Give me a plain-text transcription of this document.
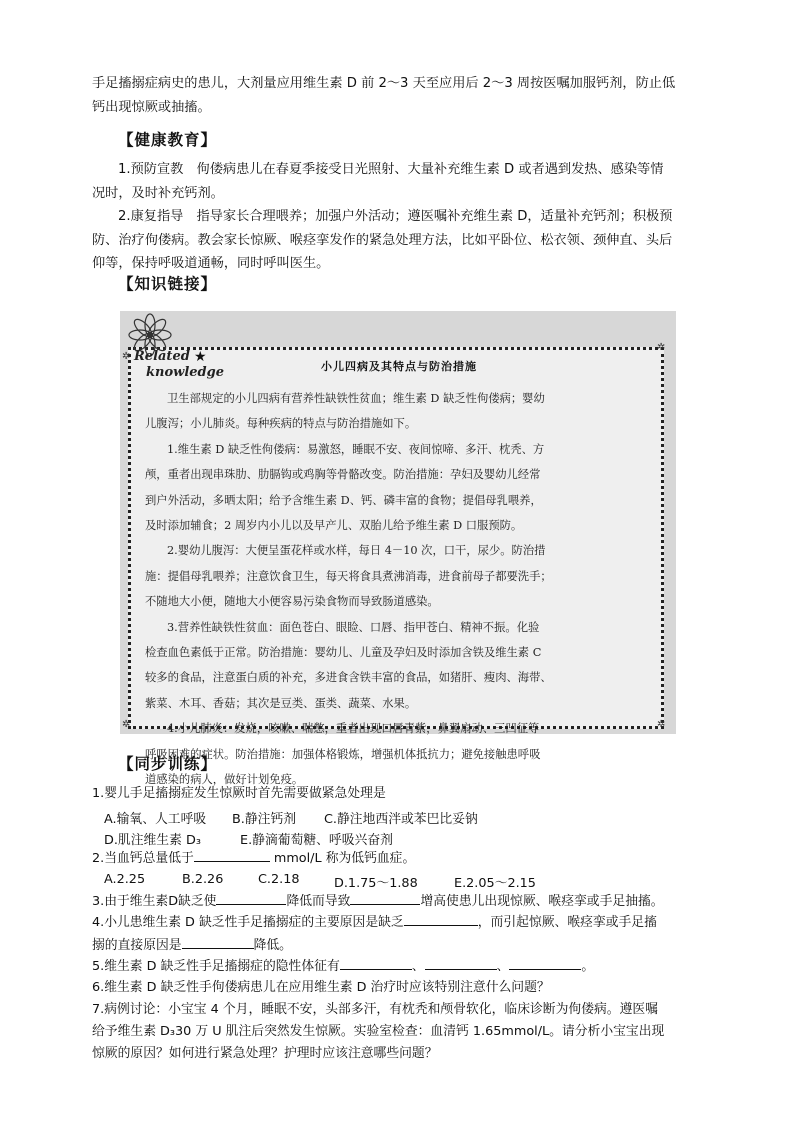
手足搐搦症病史的患儿，大剂量应用维生素 D 前 2～3 天至应用后 2～3 周按医嘱加服钙剂，防止低

钙出现惊厥或抽搐。

【健康教育】

1.预防宣教　佝偻病患儿在春夏季接受日光照射、大量补充维生素 D 或者遇到发热、感染等情

况时，及时补充钙剂。

2.康复指导　指导家长合理喂养；加强户外活动；遵医嘱补充维生素 D，适量补充钙剂；积极预

防、治疗佝偻病。教会家长惊厥、喉痉挛发作的紧急处理方法，比如平卧位、松衣领、颈伸直、头后

仰等，保持呼吸道通畅，同时呼叫医生。

【知识链接】
小儿四病及其特点与防治措施

卫生部规定的小儿四病有营养性缺铁性贫血；维生素 D 缺乏性佝偻病；婴幼

儿腹泻；小儿肺炎。每种疾病的特点与防治措施如下。

1.维生素 D 缺乏性佝偻病：易激怒，睡眠不安、夜间惊啼、多汗、枕秃、方

颅，重者出现串珠肋、肋膈钩或鸡胸等骨骼改变。防治措施：孕妇及婴幼儿经常
到户外活动，多晒太阳；给予含维生素 D、钙、磷丰富的食物；提倡母乳喂养，
及时添加辅食；2 周岁内小儿以及早产儿、双胎儿给予维生素 D 口服预防。

2.婴幼儿腹泻：大便呈蛋花样或水样，每日 4－10 次，口干，尿少。防治措

施：提倡母乳喂养；注意饮食卫生，每天将食具煮沸消毒，进食前母子都要洗手；
不随地大小便，随地大小便容易污染食物而导致肠道感染。

3.营养性缺铁性贫血：面色苍白、眼睑、口唇、指甲苍白、精神不振。化验

检查血色素低于正常。防治措施：婴幼儿、儿童及孕妇及时添加含铁及维生素 C
较多的食品，注意蛋白质的补充，多进食含铁丰富的食品，如猪肝、瘦肉、海带、
紫菜、木耳、香菇；其次是豆类、蛋类、蔬菜、水果。

4.小儿肺炎：发烧，咳嗽、喘憋，重者出现口唇青紫，鼻翼扇动、三凹征等

呼吸困难的症状。防治措施：加强体格锻炼，增强机体抵抗力；避免接触患呼吸
道感染的病人，做好计划免疫。
✲
✲
✲	✲
Related ★
knowledge
【同步训练】
1.婴儿手足搐搦症发生惊厥时首先需要做紧急处理是
A.输氧、人工呼吸 B.静注钙剂 C.静注地西泮或苯巴比妥钠
D.肌注维生素 D₃	E.静滴葡萄糖、呼吸兴奋剂
2.当血钙总量低于	mmol/L 称为低钙血症。
A.2.25	B.2.26	C.2.18	D.1.75～1.88	E.2.05～2.15
3.由于维生素D缺乏使	降低而导致	增高使患儿出现惊厥、喉痉挛或手足抽搐。
4.小儿患维生素 D 缺乏性手足搐搦症的主要原因是缺乏	，而引起惊厥、喉痉挛或手足搐
搦的直接原因是	降低。
5.维生素 D 缺乏性手足搐搦症的隐性体征有	、	、	。
6.维生素 D 缺乏性手佝偻病患儿在应用维生素 D 治疗时应该特别注意什么问题？
7.病例讨论：小宝宝 4 个月，睡眠不安，头部多汗，有枕秃和颅骨软化，临床诊断为佝偻病。遵医嘱
给予维生素 D₃30 万 U 肌注后突然发生惊厥。实验室检查：血清钙 1.65mmol/L。请分析小宝宝出现
惊厥的原因？如何进行紧急处理？护理时应该注意哪些问题？
